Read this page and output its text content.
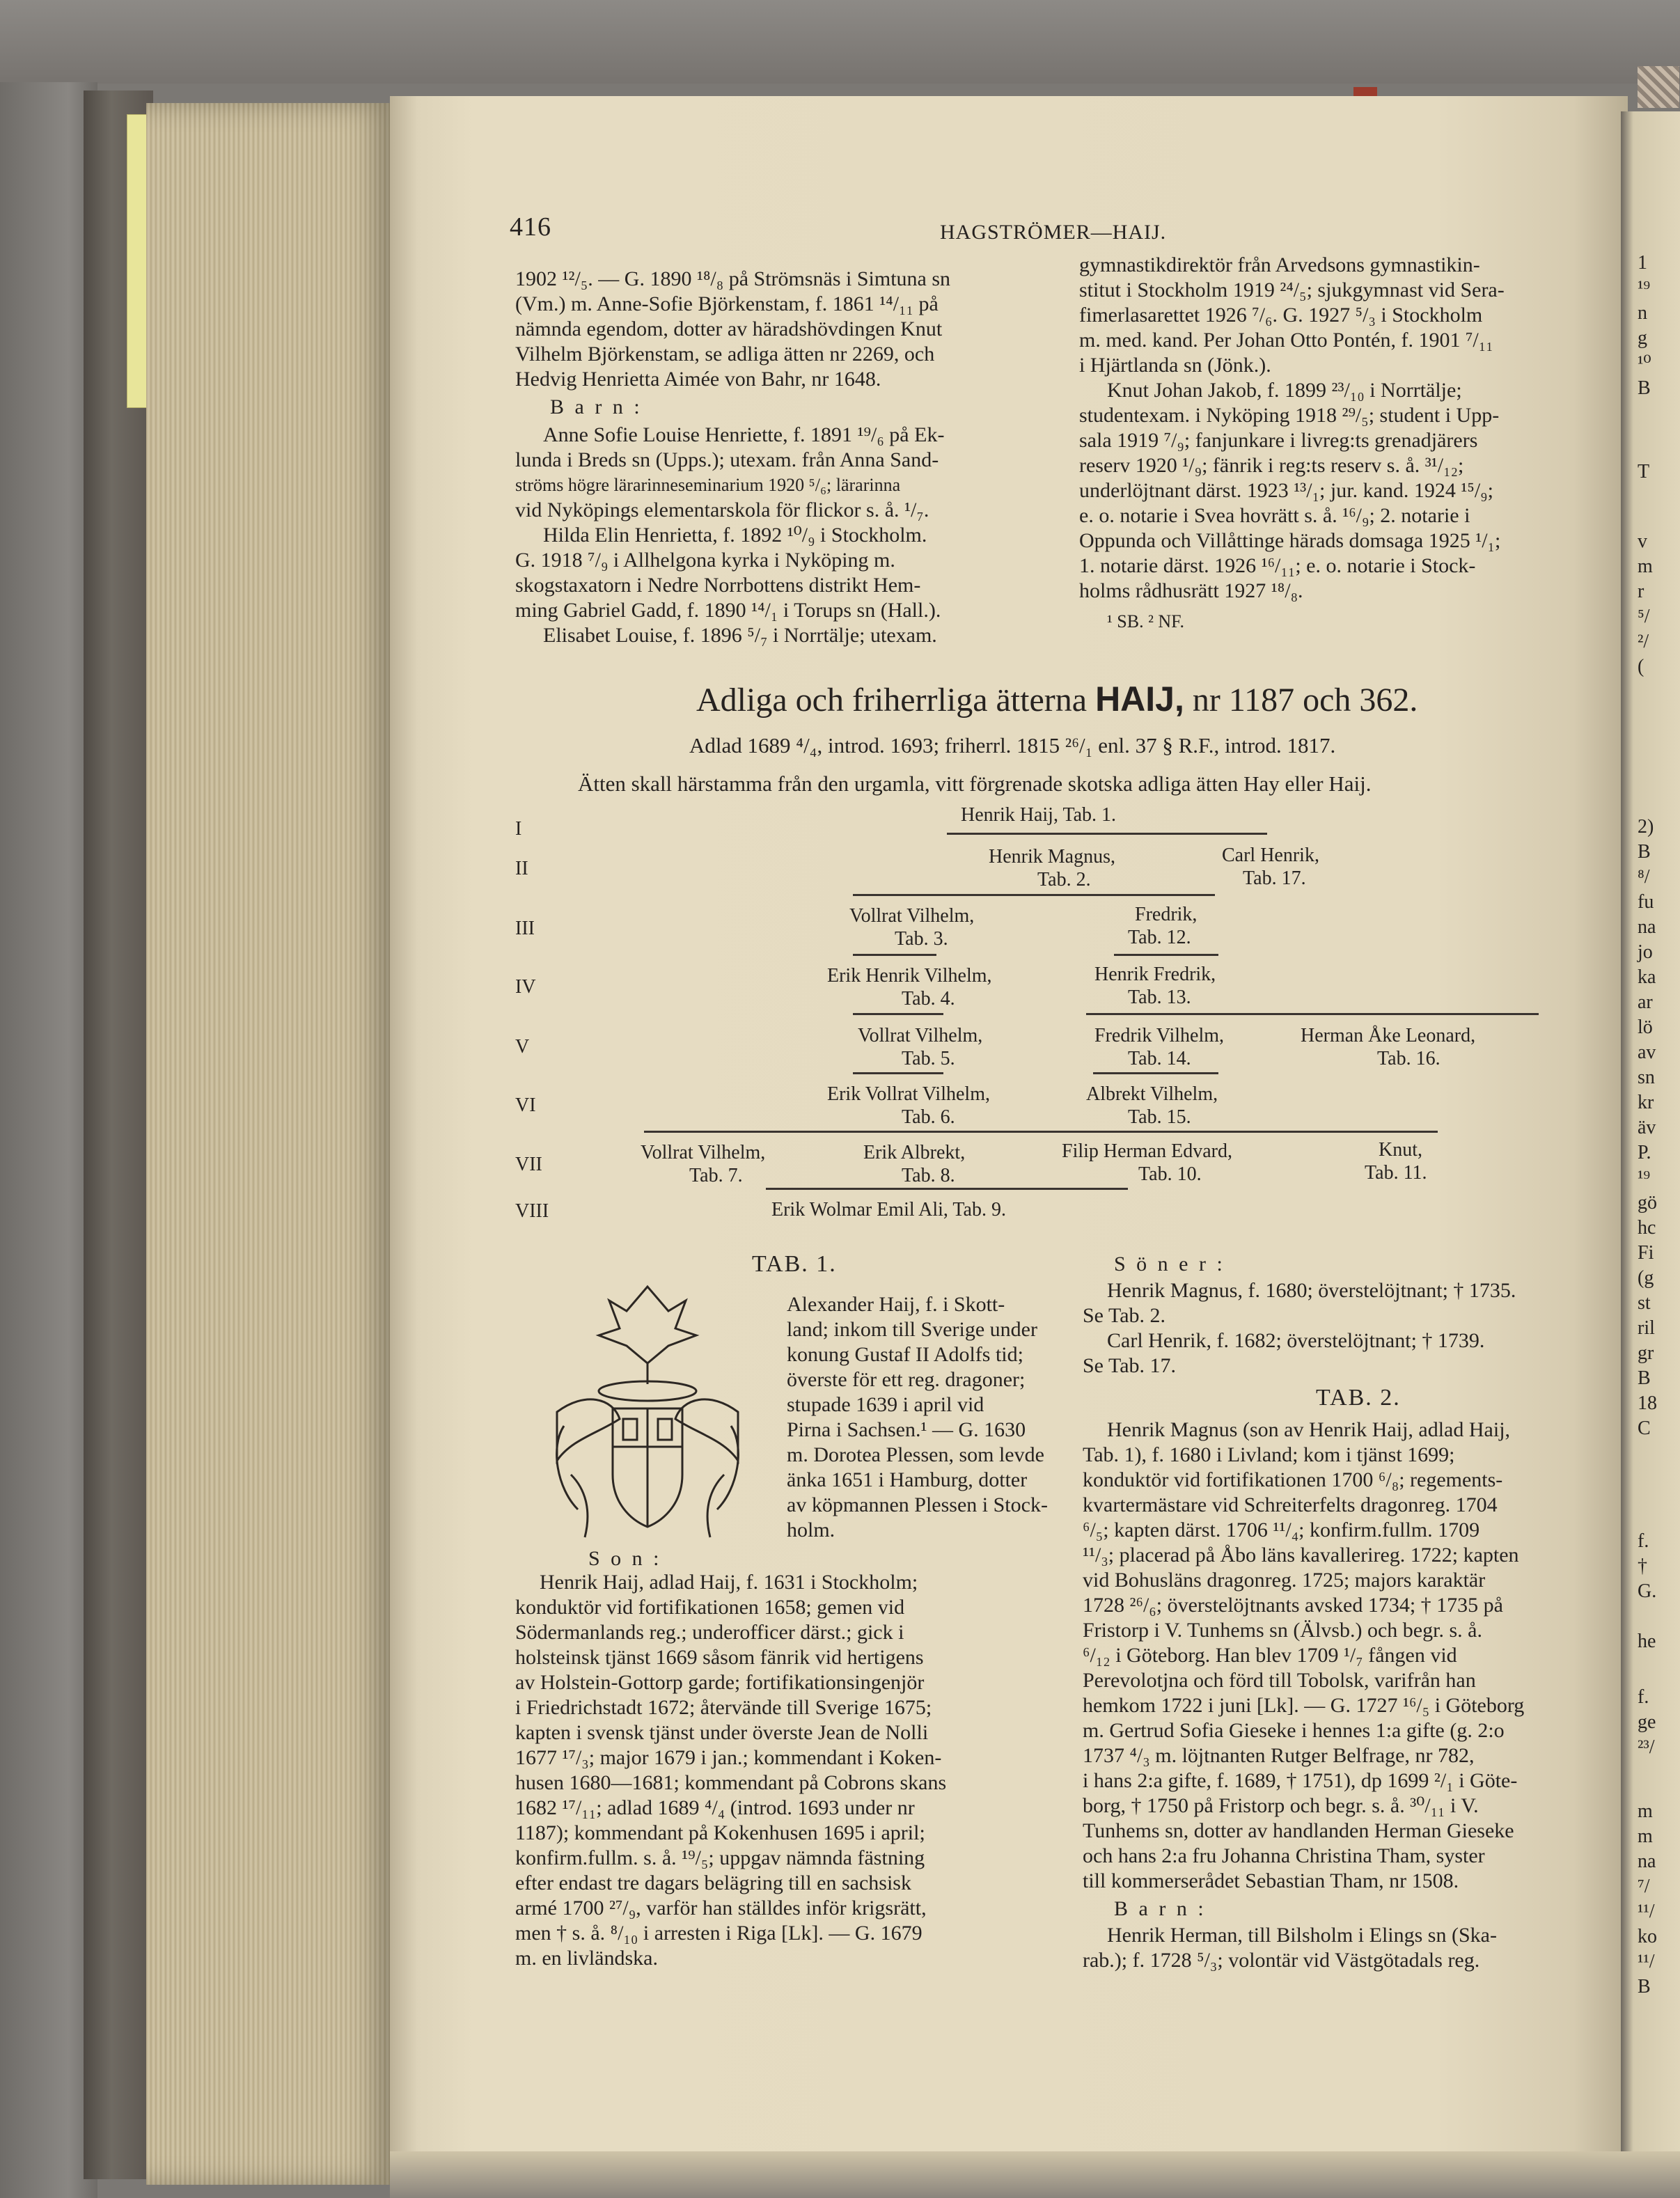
416	HAGSTRÖMER—HAIJ.
1902 ¹²/₅. — G. 1890 ¹⁸/₈ på Strömsnäs i Simtuna sn
(Vm.) m. Anne-Sofie Björkenstam, f. 1861 ¹⁴/₁₁ på
nämnda egendom, dotter av häradshövdingen Knut
Vilhelm Björkenstam, se adliga ätten nr 2269, och
Hedvig Henrietta Aimée von Bahr, nr 1648.
B a r n :
Anne Sofie Louise Henriette, f. 1891 ¹⁹/₆ på Ek-
lunda i Breds sn (Upps.); utexam. från Anna Sand-
ströms högre lärarinneseminarium 1920 ⁵/₆; lärarinna
vid Nyköpings elementarskola för flickor s. å. ¹/₇.
Hilda Elin Henrietta, f. 1892 ¹⁰/₉ i Stockholm.
G. 1918 ⁷/₉ i Allhelgona kyrka i Nyköping m.
skogstaxatorn i Nedre Norrbottens distrikt Hem-
ming Gabriel Gadd, f. 1890 ¹⁴/₁ i Torups sn (Hall.).
Elisabet Louise, f. 1896 ⁵/₇ i Norrtälje; utexam.
gymnastikdirektör från Arvedsons gymnastikin-
stitut i Stockholm 1919 ²⁴/₅; sjukgymnast vid Sera-
fimerlasarettet 1926 ⁷/₆. G. 1927 ⁵/₃ i Stockholm
m. med. kand. Per Johan Otto Pontén, f. 1901 ⁷/₁₁
i Hjärtlanda sn (Jönk.).
Knut Johan Jakob, f. 1899 ²³/₁₀ i Norrtälje;
studentexam. i Nyköping 1918 ²⁹/₅; student i Upp-
sala 1919 ⁷/₉; fanjunkare i livreg:ts grenadjärers
reserv 1920 ¹/₉; fänrik i reg:ts reserv s. å. ³¹/₁₂;
underlöjtnant därst. 1923 ¹³/₁; jur. kand. 1924 ¹⁵/₉;
e. o. notarie i Svea hovrätt s. å. ¹⁶/₉; 2. notarie i
Oppunda och Villåttinge härads domsaga 1925 ¹/₁;
1. notarie därst. 1926 ¹⁶/₁₁; e. o. notarie i Stock-
holms rådhusrätt 1927 ¹⁸/₈.
¹ SB. ² NF.
Adliga och friherrliga ätterna HAIJ, nr 1187 och 362.
Adlad 1689 ⁴/₄, introd. 1693; friherrl. 1815 ²⁶/₁ enl. 37 § R.F., introd. 1817.
Ätten skall härstamma från den urgamla, vitt förgrenade skotska adliga ätten Hay eller Haij.
I
II
III
IV
V
VI
VII
VIII
Henrik Haij, Tab. 1.
Henrik Magnus,
Tab. 2.
Carl Henrik,
Tab. 17.
Vollrat Vilhelm,
Tab. 3.
Fredrik,
Tab. 12.
Erik Henrik Vilhelm,
Tab. 4.
Henrik Fredrik,
Tab. 13.
Vollrat Vilhelm,
Tab. 5.
Fredrik Vilhelm,
Tab. 14.
Herman Åke Leonard,
Tab. 16.
Erik Vollrat Vilhelm,
Tab. 6.
Albrekt Vilhelm,
Tab. 15.
Vollrat Vilhelm,
Tab. 7.
Erik Albrekt,
Tab. 8.
Filip Herman Edvard,
Tab. 10.
Knut,
Tab. 11.
Erik Wolmar Emil Ali, Tab. 9.
TAB. 1.
Alexander Haij, f. i Skott-
land; inkom till Sverige under
konung Gustaf II Adolfs tid;
överste för ett reg. dragoner;
stupade 1639 i april vid
Pirna i Sachsen.¹ — G. 1630
m. Dorotea Plessen, som levde
änka 1651 i Hamburg, dotter
av köpmannen Plessen i Stock-
holm.
S o n :
Henrik Haij, adlad Haij, f. 1631 i Stockholm;
konduktör vid fortifikationen 1658; gemen vid
Södermanlands reg.; underofficer därst.; gick i
holsteinsk tjänst 1669 såsom fänrik vid hertigens
av Holstein-Gottorp garde; fortifikationsingenjör
i Friedrichstadt 1672; återvände till Sverige 1675;
kapten i svensk tjänst under överste Jean de Nolli
1677 ¹⁷/₃; major 1679 i jan.; kommendant i Koken-
husen 1680—1681; kommendant på Cobrons skans
1682 ¹⁷/₁₁; adlad 1689 ⁴/₄ (introd. 1693 under nr
1187); kommendant på Kokenhusen 1695 i april;
konfirm.fullm. s. å. ¹⁹/₅; uppgav nämnda fästning
efter endast tre dagars belägring till en sachsisk
armé 1700 ²⁷/₉, varför han ställdes inför krigsrätt,
men † s. å. ⁸/₁₀ i arresten i Riga [Lk]. — G. 1679
m. en livländska.
S ö n e r :
Henrik Magnus, f. 1680; överstelöjtnant; † 1735.
Se Tab. 2.
Carl Henrik, f. 1682; överstelöjtnant; † 1739.
Se Tab. 17.
TAB. 2.
Henrik Magnus (son av Henrik Haij, adlad Haij,
Tab. 1), f. 1680 i Livland; kom i tjänst 1699;
konduktör vid fortifikationen 1700 ⁶/₈; regements-
kvartermästare vid Schreiterfelts dragonreg. 1704
⁶/₅; kapten därst. 1706 ¹¹/₄; konfirm.fullm. 1709
¹¹/₃; placerad på Åbo läns kavallerireg. 1722; kapten
vid Bohusläns dragonreg. 1725; majors karaktär
1728 ²⁶/₆; överstelöjtnants avsked 1734; † 1735 på
Fristorp i V. Tunhems sn (Älvsb.) och begr. s. å.
⁶/₁₂ i Göteborg. Han blev 1709 ¹/₇ fången vid
Perevolotjna och förd till Tobolsk, varifrån han
hemkom 1722 i juni [Lk]. — G. 1727 ¹⁶/₅ i Göteborg
m. Gertrud Sofia Gieseke i hennes 1:a gifte (g. 2:o
1737 ⁴/₃ m. löjtnanten Rutger Belfrage, nr 782,
i hans 2:a gifte, f. 1689, † 1751), dp 1699 ²/₁ i Göte-
borg, † 1750 på Fristorp och begr. s. å. ³⁰/₁₁ i V.
Tunhems sn, dotter av handlanden Herman Gieseke
och hans 2:a fru Johanna Christina Tham, syster
till kommerserådet Sebastian Tham, nr 1508.
B a r n :
Henrik Herman, till Bilsholm i Elings sn (Ska-
rab.); f. 1728 ⁵/₃; volontär vid Västgötadals reg.
1
¹⁹
n
g
¹⁰
B
T
v
m
r
⁵/
²/
(
2)
B
⁸/
fu
na
jo
ka
ar
lö
av
sn
kr
äv
P.
¹⁹
gö
hc
Fi
(g
st
ril
gr
B
18
C
f.
†
G.
he
f.
ge
²³/
m
m
na
⁷/
¹¹/
ko
¹¹/
B
